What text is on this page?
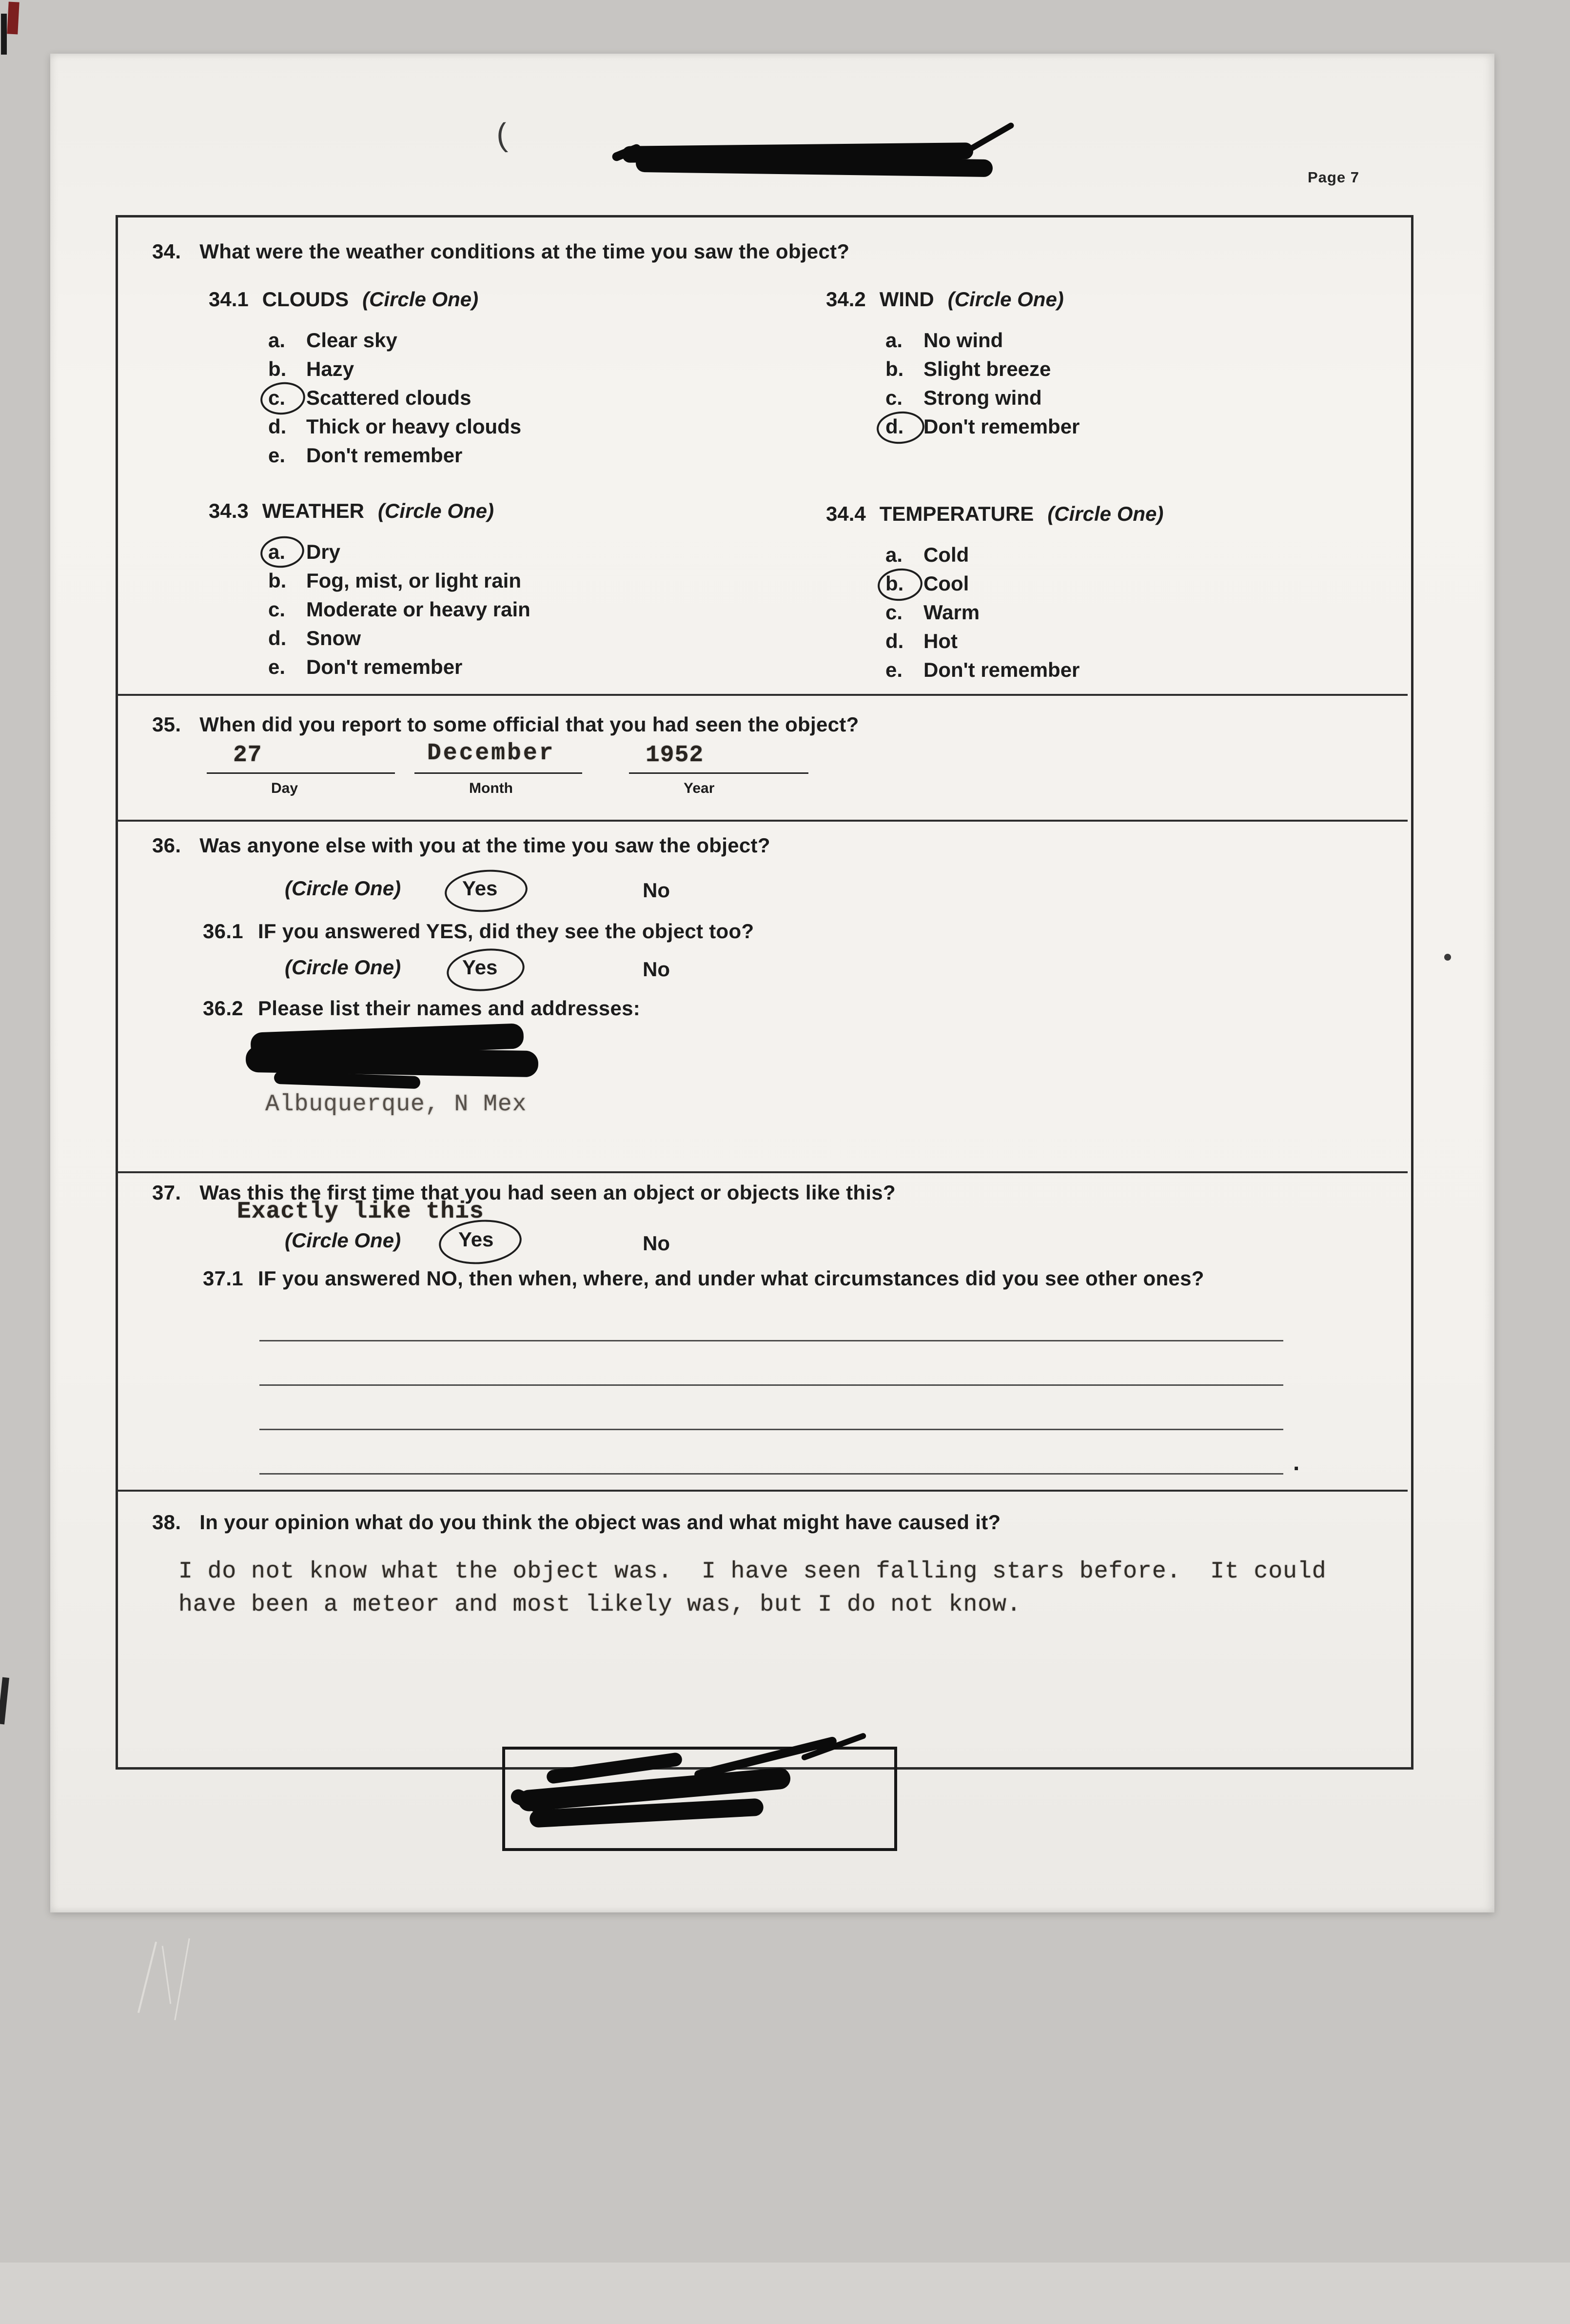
(
Page 7
34. What were the weather conditions at the time you saw the object?
34.1 CLOUDS (Circle One)
a.	Clear sky
b. Hazy
c.	Scattered clouds
d. Thick or heavy clouds
e.	Don't remember
34.2 WIND (Circle One)
a.	No wind
b. Slight breeze
c.	Strong wind
d. Don't remember
34.3 WEATHER (Circle One)
a.	Dry
b. Fog, mist, or light rain
c.	Moderate or heavy rain
d. Snow
e.	Don't remember
34.4 TEMPERATURE (Circle One)
a.	Cold
b. Cool
c.	Warm
d. Hot
e.	Don't remember
35. When did you report to some official that you had seen the object?
27	December	1952
Day	Month	Year
36. Was anyone else with you at the time you saw the object?
(Circle One)	Yes	No
36.1 IF you answered YES, did they see the object too?
(Circle One)	Yes	No
36.2 Please list their names and addresses:
Albuquerque, N Mex
37. Was this the first time that you had seen an object or objects like this?
Exactly like this
(Circle One)	Yes	No
37.1 IF you answered NO, then when, where, and under what circumstances did you see other ones?
.
38. In your opinion what do you think the object was and what might have caused it?
I do not know what the object was.  I have seen falling stars before.  It could
have been a meteor and most likely was, but I do not know.
